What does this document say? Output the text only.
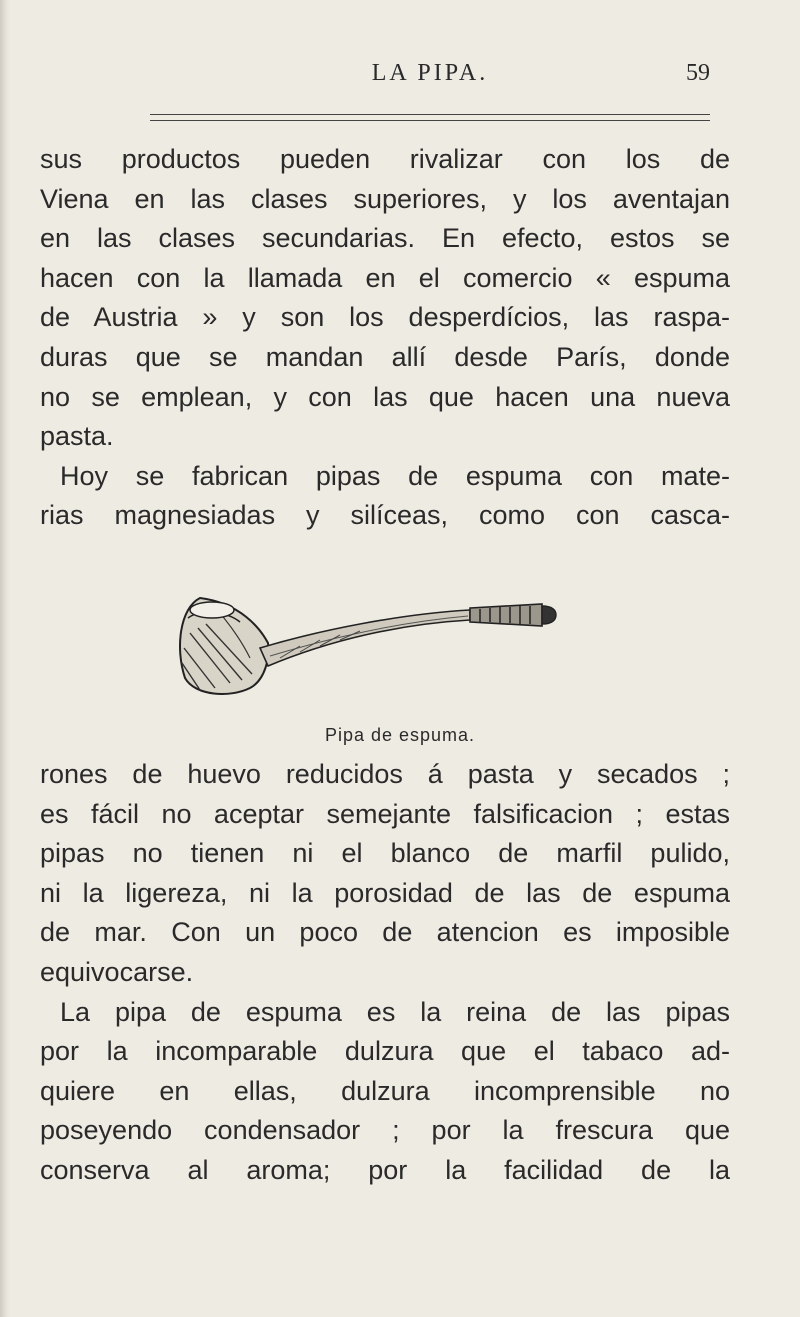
LA PIPA.	59
sus productos pueden rivalizar con los de
Viena en las clases superiores, y los aventajan
en las clases secundarias. En efecto, estos se
hacen con la llamada en el comercio « espuma
de Austria » y son los desperdícios, las raspa-
duras que se mandan allí desde París, donde
no se emplean, y con las que hacen una nueva
pasta.
Hoy se fabrican pipas de espuma con mate-
rias magnesiadas y silíceas, como con casca-
Pipa de espuma.
rones de huevo reducidos á pasta y secados ;
es fácil no aceptar semejante falsificacion ; estas
pipas no tienen ni el blanco de marfil pulido,
ni la ligereza, ni la porosidad de las de espuma
de mar. Con un poco de atencion es imposible
equivocarse.
La pipa de espuma es la reina de las pipas
por la incomparable dulzura que el tabaco ad-
quiere en ellas, dulzura incomprensible no
poseyendo condensador ; por la frescura que
conserva al aroma; por la facilidad de la
